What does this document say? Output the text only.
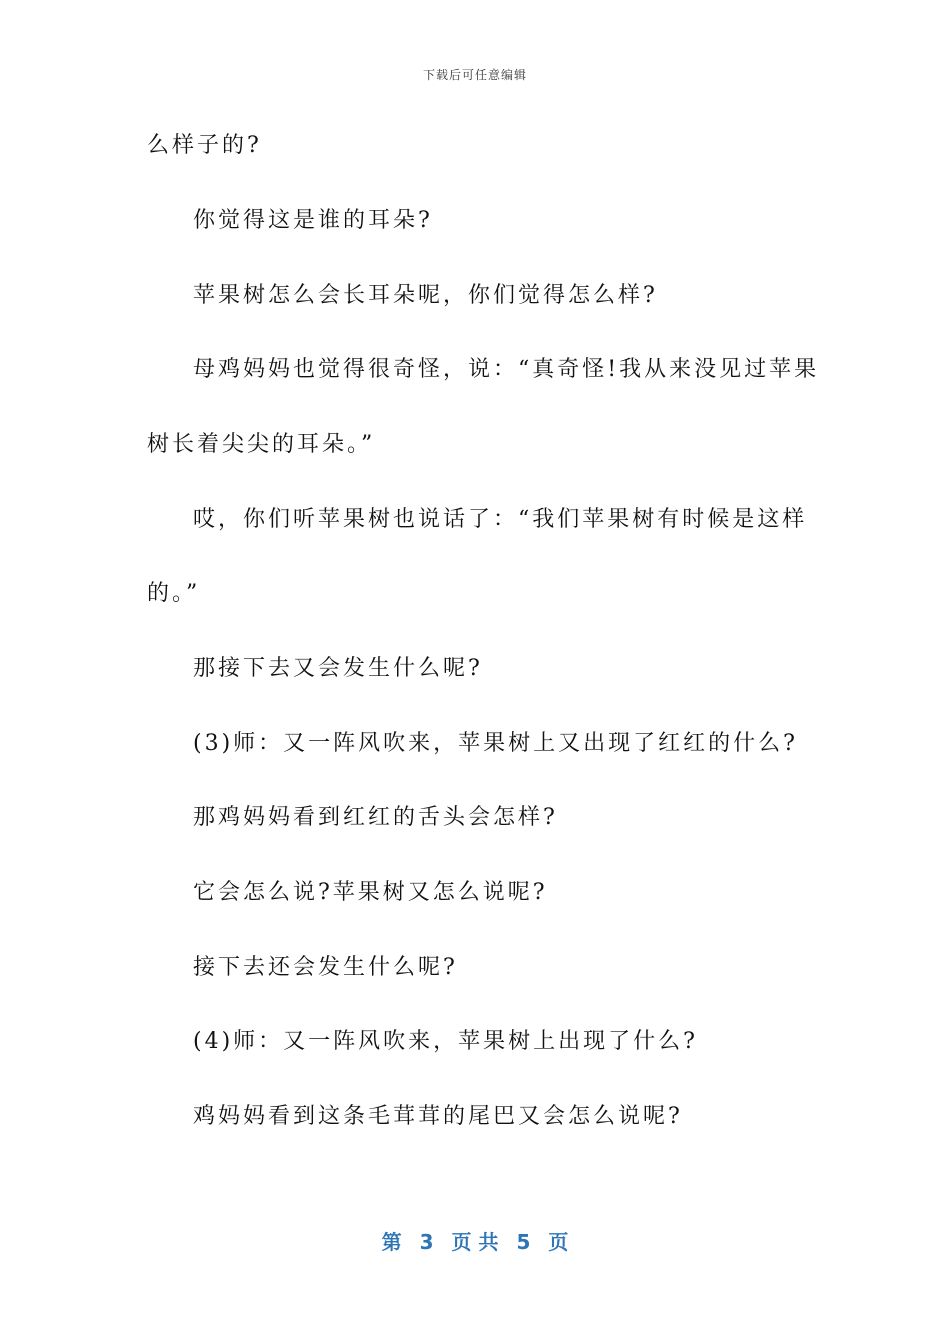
下载后可任意编辑
么样子的?
你觉得这是谁的耳朵?
苹果树怎么会长耳朵呢，你们觉得怎么样?
母鸡妈妈也觉得很奇怪，说：“真奇怪!我从来没见过苹果
树长着尖尖的耳朵。”
哎，你们听苹果树也说话了：“我们苹果树有时候是这样
的。”
那接下去又会发生什么呢?
(3)师：又一阵风吹来，苹果树上又出现了红红的什么?
那鸡妈妈看到红红的舌头会怎样?
它会怎么说?苹果树又怎么说呢?
接下去还会发生什么呢?
(4)师：又一阵风吹来，苹果树上出现了什么?
鸡妈妈看到这条毛茸茸的尾巴又会怎么说呢?
第 3 页 共 5 页
